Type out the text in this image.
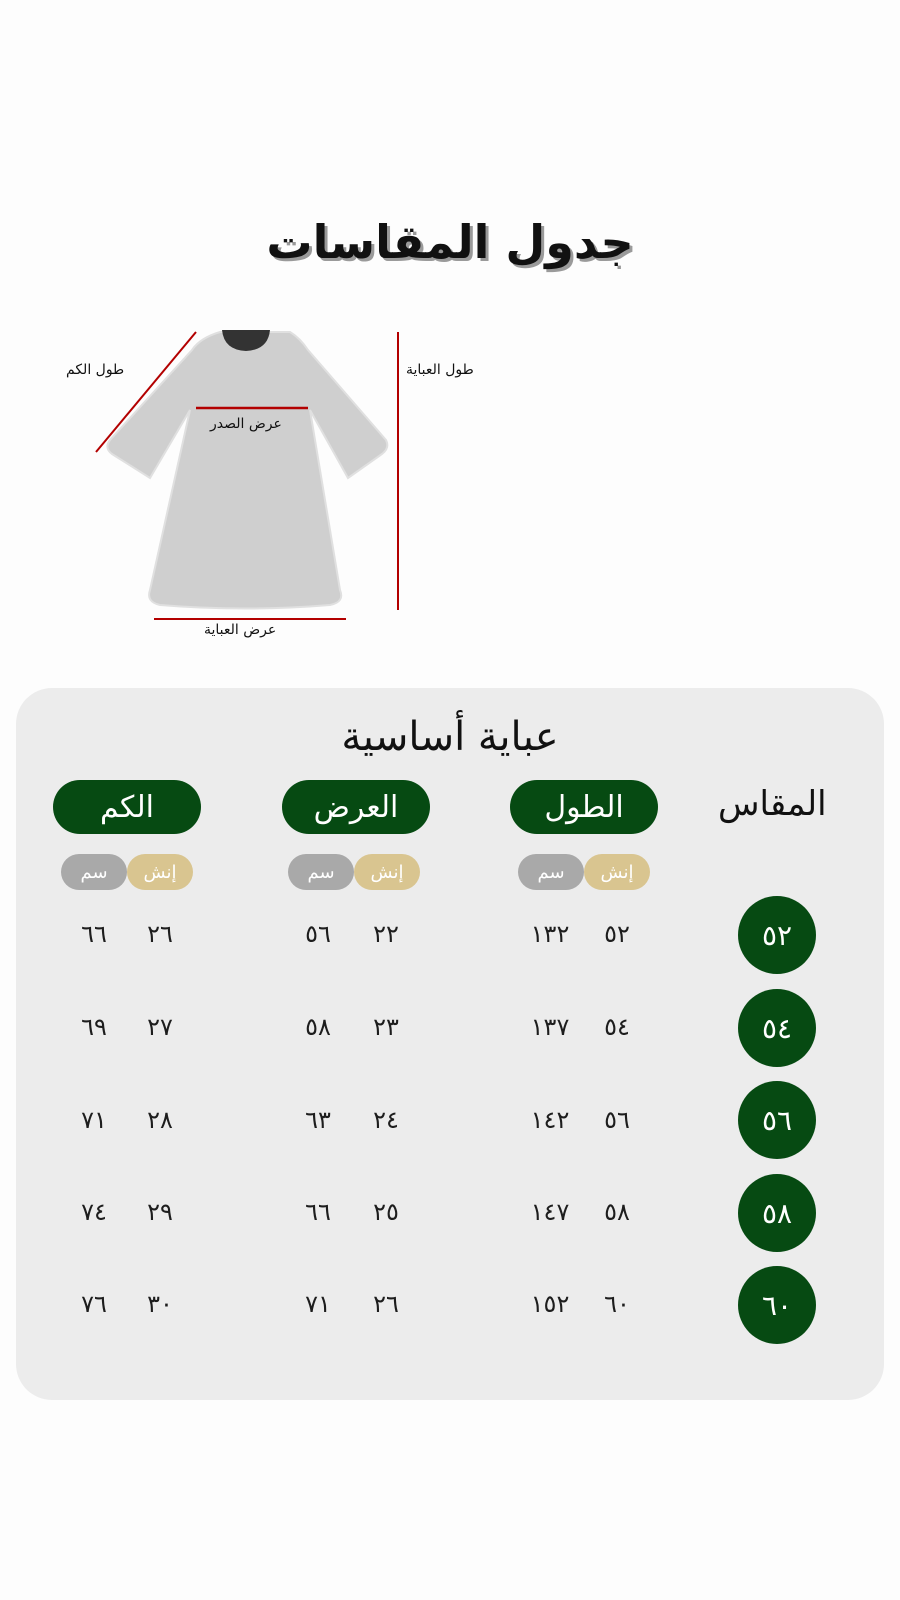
جدول المقاسات
طول الكم	طول العباية
عرض الصدر
عرض العباية
عباية أساسية
المقاس
الطول
العرض
الكم
إنش
سم
إنش
سم
إنش
سم
٥٢
٥٢
١٣٢
٢٢
٥٦
٢٦
٦٦
٥٤
٥٤
١٣٧
٢٣
٥٨
٢٧
٦٩
٥٦
٥٦
١٤٢
٢٤
٦٣
٢٨
٧١
٥٨
٥٨
١٤٧
٢٥
٦٦
٢٩
٧٤
٦٠
٦٠
١٥٢
٢٦
٧١
٣٠
٧٦
